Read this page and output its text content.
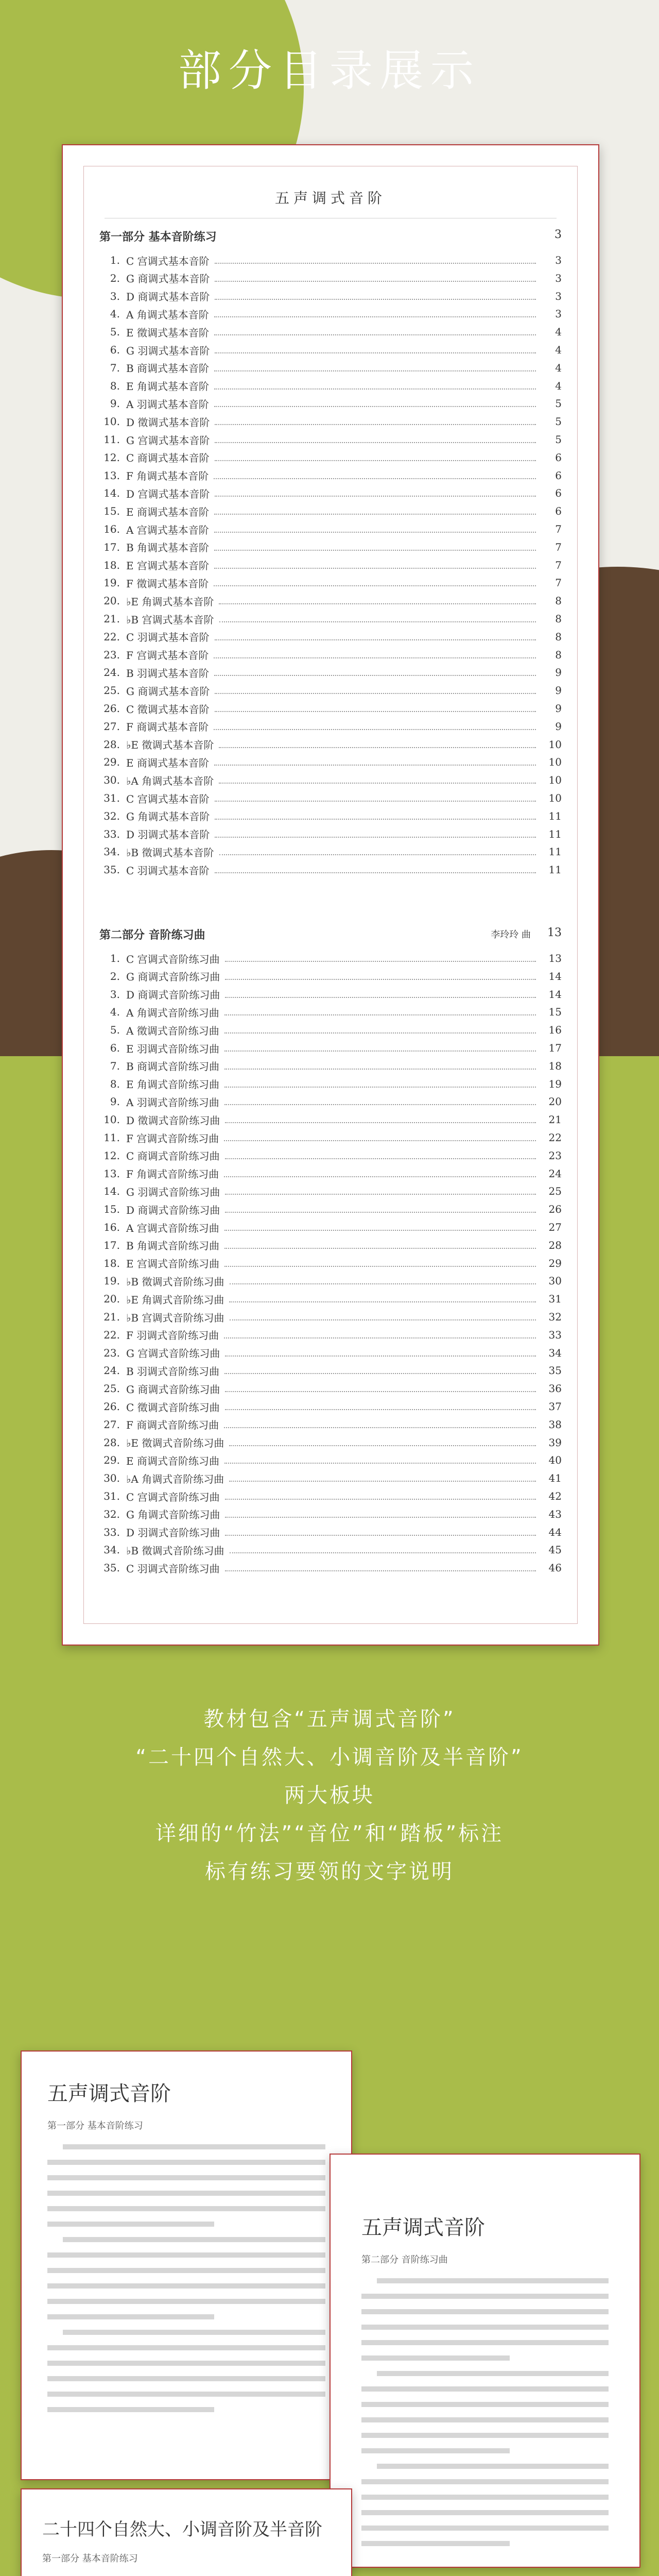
部分目录展示
五声调式音阶
第一部分 基本音阶练习	3
1. C 宫调式基本音阶	3
2. G 商调式基本音阶	3
3. D 商调式基本音阶	3
4. A 角调式基本音阶	3
5. E 徵调式基本音阶	4
6. G 羽调式基本音阶	4
7. B 商调式基本音阶	4
8. E 角调式基本音阶	4
9. A 羽调式基本音阶	5
10. D 徵调式基本音阶	5
11. G 宫调式基本音阶	5
12. C 商调式基本音阶	6
13. F 角调式基本音阶	6
14. D 宫调式基本音阶	6
15. E 商调式基本音阶	6
16. A 宫调式基本音阶	7
17. B 角调式基本音阶	7
18. E 宫调式基本音阶	7
19. F 徵调式基本音阶	7
20. ♭E 角调式基本音阶	8
21. ♭B 宫调式基本音阶	8
22. C 羽调式基本音阶	8
23. F 宫调式基本音阶	8
24. B 羽调式基本音阶	9
25. G 商调式基本音阶	9
26. C 徵调式基本音阶	9
27. F 商调式基本音阶	9
28. ♭E 徵调式基本音阶	10
29. E 商调式基本音阶	10
30. ♭A 角调式基本音阶	10
31. C 宫调式基本音阶	10
32. G 角调式基本音阶	11
33. D 羽调式基本音阶	11
34. ♭B 徵调式基本音阶	11
35. C 羽调式基本音阶	11
第二部分 音阶练习曲	13
李玲玲 曲
1. C 宫调式音阶练习曲	13
2. G 商调式音阶练习曲	14
3. D 商调式音阶练习曲	14
4. A 角调式音阶练习曲	15
5. A 徵调式音阶练习曲	16
6. E 羽调式音阶练习曲	17
7. B 商调式音阶练习曲	18
8. E 角调式音阶练习曲	19
9. A 羽调式音阶练习曲	20
10. D 徵调式音阶练习曲	21
11. F 宫调式音阶练习曲	22
12. C 商调式音阶练习曲	23
13. F 角调式音阶练习曲	24
14. G 羽调式音阶练习曲	25
15. D 商调式音阶练习曲	26
16. A 宫调式音阶练习曲	27
17. B 角调式音阶练习曲	28
18. E 宫调式音阶练习曲	29
19. ♭B 徵调式音阶练习曲	30
20. ♭E 角调式音阶练习曲	31
21. ♭B 宫调式音阶练习曲	32
22. F 羽调式音阶练习曲	33
23. G 宫调式音阶练习曲	34
24. B 羽调式音阶练习曲	35
25. G 商调式音阶练习曲	36
26. C 徵调式音阶练习曲	37
27. F 商调式音阶练习曲	38
28. ♭E 徵调式音阶练习曲	39
29. E 商调式音阶练习曲	40
30. ♭A 角调式音阶练习曲	41
31. C 宫调式音阶练习曲	42
32. G 角调式音阶练习曲	43
33. D 羽调式音阶练习曲	44
34. ♭B 徵调式音阶练习曲	45
35. C 羽调式音阶练习曲	46
教材包含“五声调式音阶”
“二十四个自然大、小调音阶及半音阶”
两大板块
详细的“竹法”“音位”和“踏板”标注
标有练习要领的文字说明
五声调式音阶
第一部分 基本音阶练习
五声调式音阶
第二部分 音阶练习曲
二十四个自然大、小调音阶及半音阶
第一部分 基本音阶练习
